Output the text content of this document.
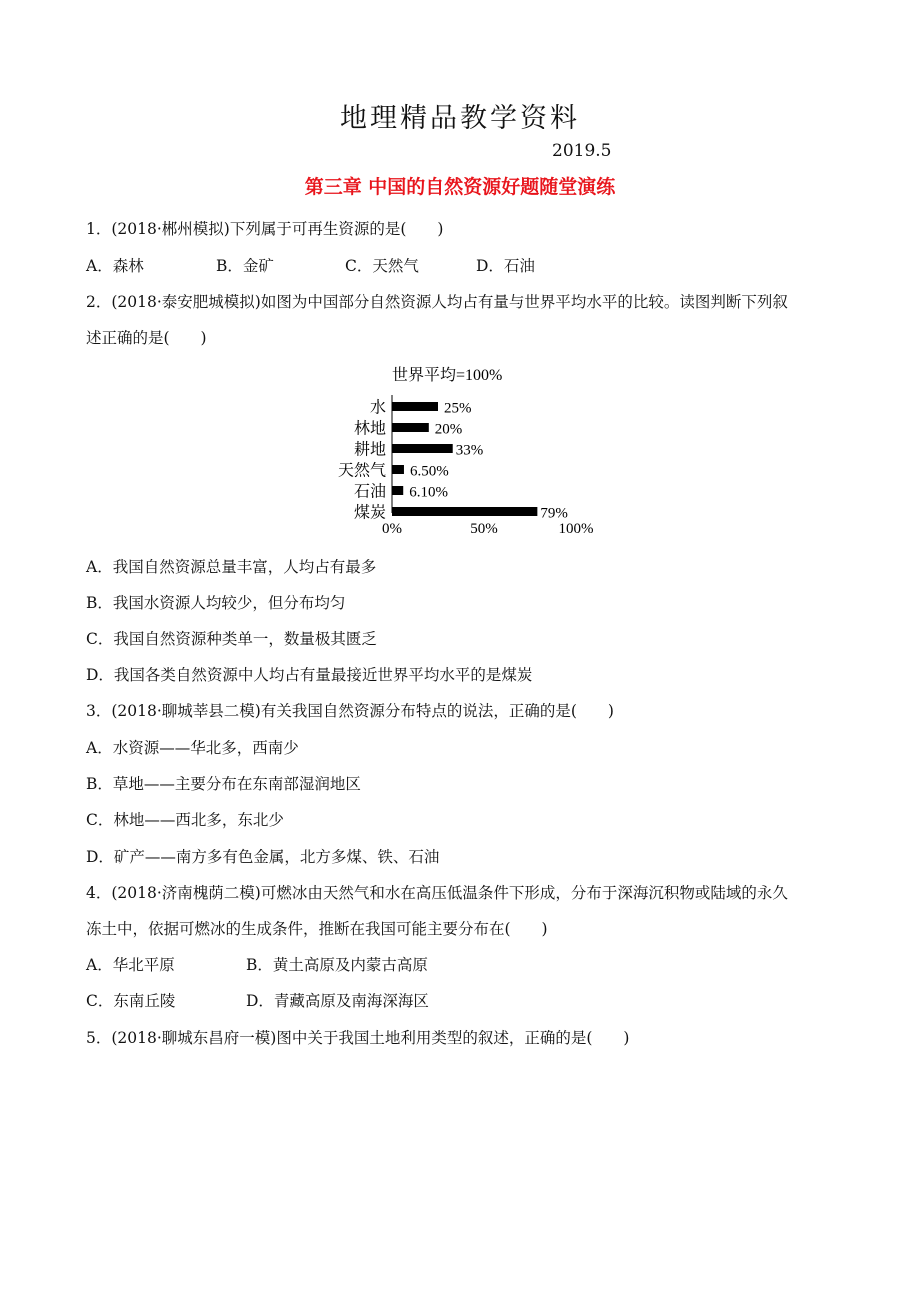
地理精品教学资料
2019.5
第三章 中国的自然资源好题随堂演练
1．(2018·郴州模拟)下列属于可再生资源的是(　　)
A．森林	B．金矿	C．天然气	D．石油
2．(2018·泰安肥城模拟)如图为中国部分自然资源人均占有量与世界平均水平的比较。读图判断下列叙
述正确的是(　　)
世界平均=100%
水	25%
林地	20%
耕地	33%
天然气 6.50%
石油 6.10%
煤炭	79%
0%	50%	100%
A．我国自然资源总量丰富，人均占有最多
B．我国水资源人均较少，但分布均匀
C．我国自然资源种类单一，数量极其匮乏
D．我国各类自然资源中人均占有量最接近世界平均水平的是煤炭
3．(2018·聊城莘县二模)有关我国自然资源分布特点的说法，正确的是(　　)
A．水资源——华北多，西南少
B．草地——主要分布在东南部湿润地区
C．林地——西北多，东北少
D．矿产——南方多有色金属，北方多煤、铁、石油
4．(2018·济南槐荫二模)可燃冰由天然气和水在高压低温条件下形成，分布于深海沉积物或陆域的永久
冻土中，依据可燃冰的生成条件，推断在我国可能主要分布在(　　)
A．华北平原	B．黄土高原及内蒙古高原
C．东南丘陵	D．青藏高原及南海深海区
5．(2018·聊城东昌府一模)图中关于我国土地利用类型的叙述，正确的是(　　)
